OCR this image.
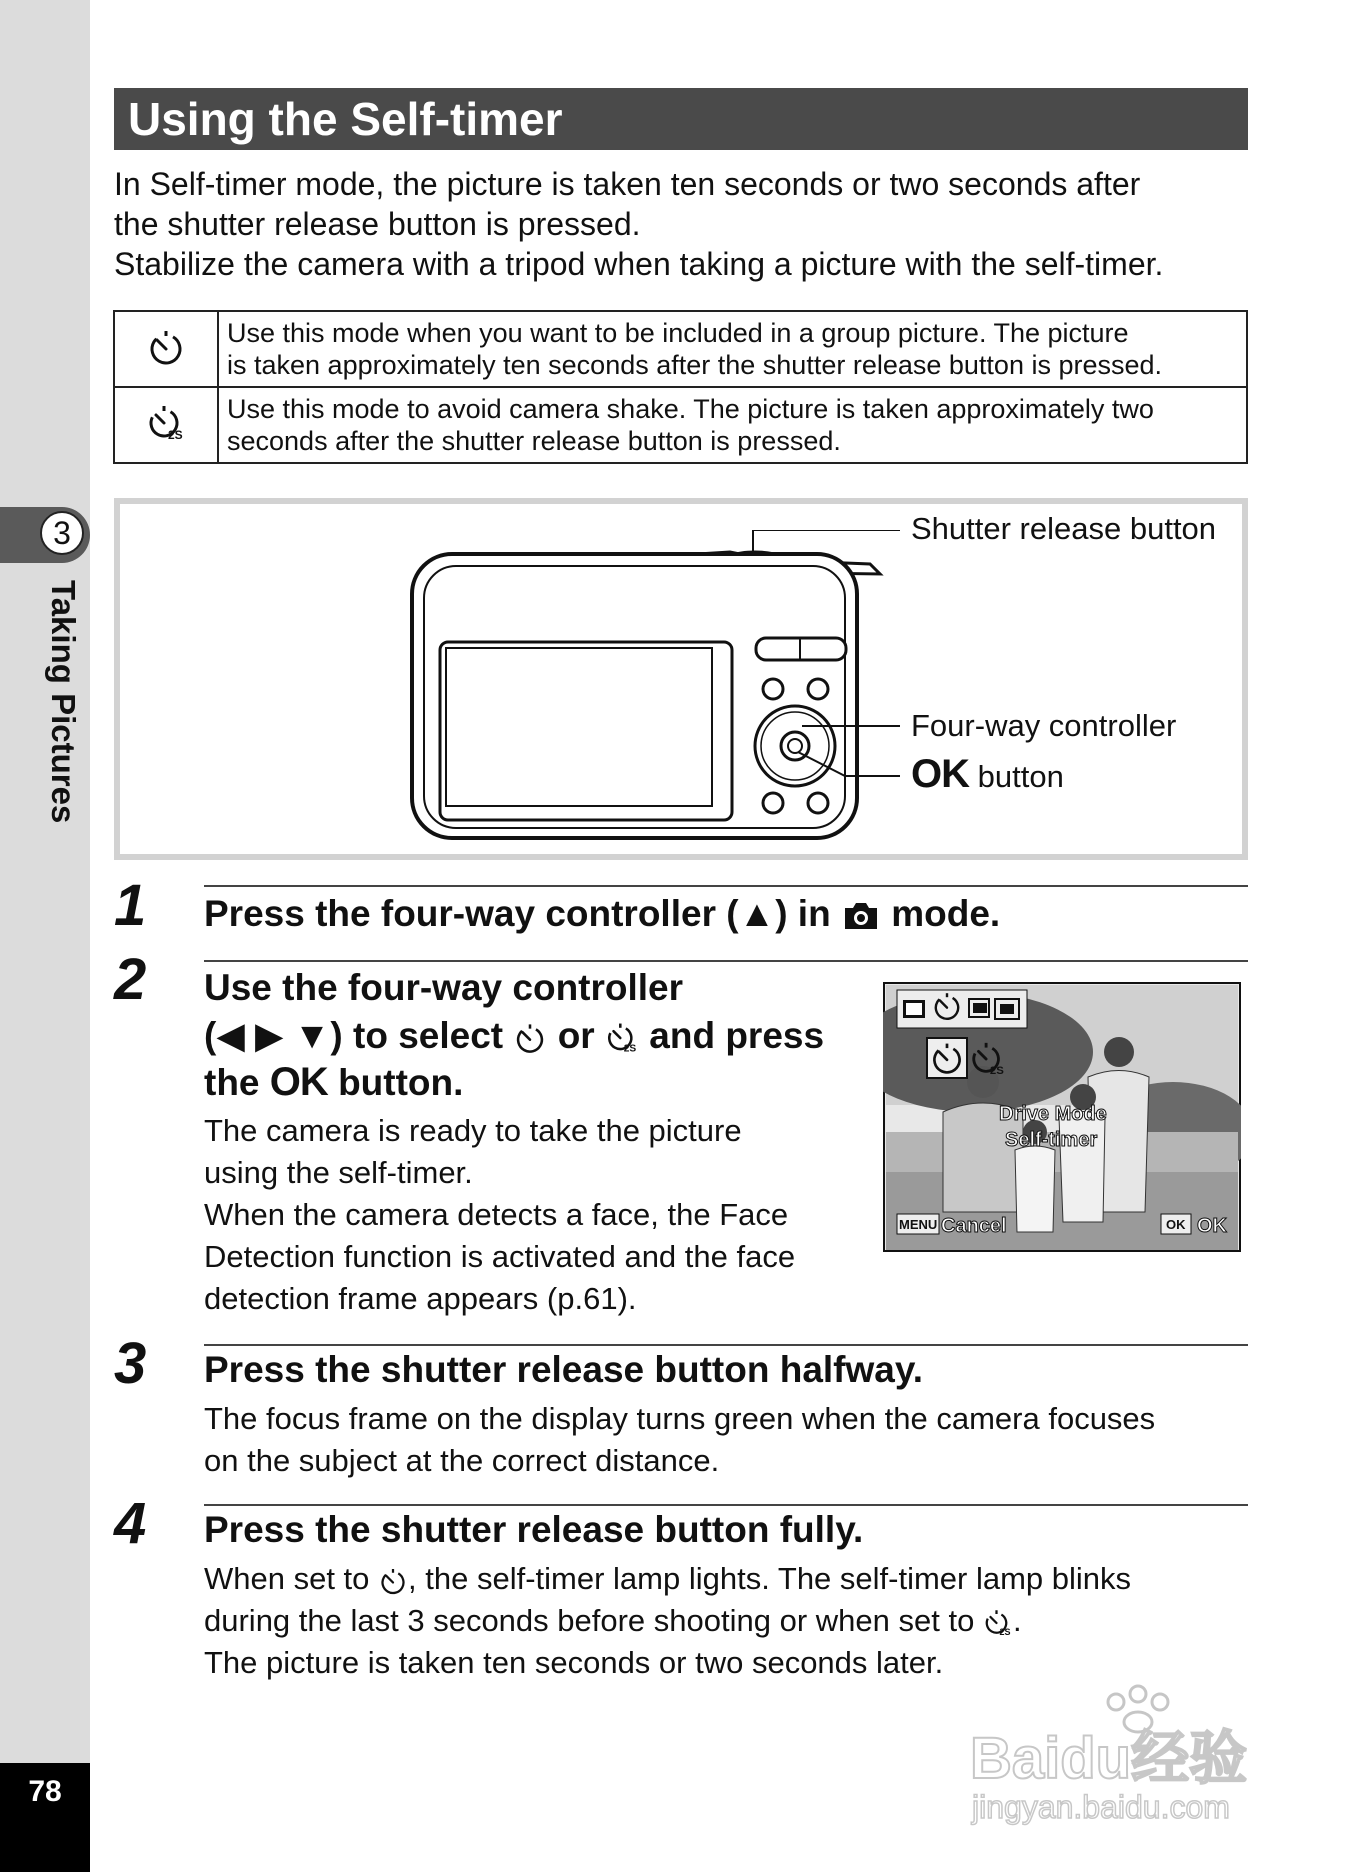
3
Taking Pictures
78
Using the Self-timer
In Self-timer mode, the picture is taken ten seconds or two seconds after
the shutter release button is pressed.
Stabilize the camera with a tripod when taking a picture with the self-timer.

Use this mode when you want to be included in a group picture. The picture
is taken approximately ten seconds after the shutter release button is pressed.

Use this mode to avoid camera shake. The picture is taken approximately two
seconds after the shutter release button is pressed.
Shutter release button
Four-way controller
OK button
1 Press the four-way controller (▲) in mode.
2 Use the four-way controller
(◀ ▶ ▼) to select or and press
the OK button.
The camera is ready to take the picture
using the self-timer.
When the camera detects a face, the Face
Detection function is activated and the face
detection frame appears (p.61).
Drive Mode
Self-timer
MENU Cancel	OK OK
3 Press the shutter release button halfway.
The focus frame on the display turns green when the camera focuses
on the subject at the correct distance.
4 Press the shutter release button fully.
When set to , the self-timer lamp lights. The self-timer lamp blinks
during the last 3 seconds before shooting or when set to .
The picture is taken ten seconds or two seconds later.
Baidu经验
jingyan.baidu.com
